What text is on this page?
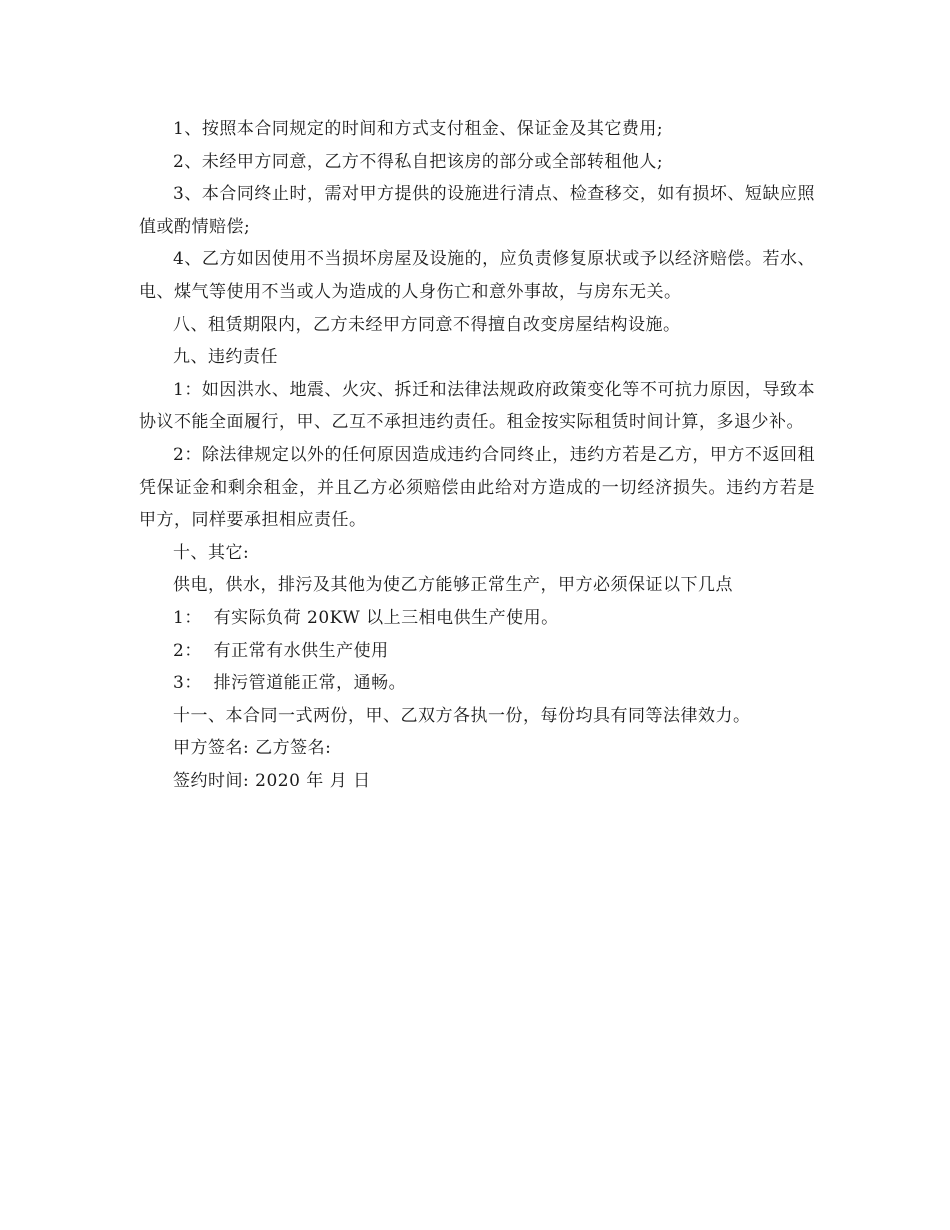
1、按照本合同规定的时间和方式支付租金、保证金及其它费用;

2、未经甲方同意，乙方不得私自把该房的部分或全部转租他人;

3、本合同终止时，需对甲方提供的设施进行清点、检查移交，如有损坏、短缺应照值或酌情赔偿;

4、乙方如因使用不当损坏房屋及设施的，应负责修复原状或予以经济赔偿。若水、电、煤气等使用不当或人为造成的人身伤亡和意外事故，与房东无关。

八、租赁期限内，乙方未经甲方同意不得擅自改变房屋结构设施。

九、违约责任

1：如因洪水、地震、火灾、拆迁和法律法规政府政策变化等不可抗力原因，导致本协议不能全面履行，甲、乙互不承担违约责任。租金按实际租赁时间计算，多退少补。

2：除法律规定以外的任何原因造成违约合同终止，违约方若是乙方，甲方不返回租凭保证金和剩余租金，并且乙方必须赔偿由此给对方造成的一切经济损失。违约方若是甲方，同样要承担相应责任。

十、其它:

供电，供水，排污及其他为使乙方能够正常生产，甲方必须保证以下几点

1：  有实际负荷 20KW 以上三相电供生产使用。

2：  有正常有水供生产使用

3：  排污管道能正常，通畅。

十一、本合同一式两份，甲、乙双方各执一份，每份均具有同等法律效力。

甲方签名: 乙方签名:

签约时间: 2020 年 月 日
